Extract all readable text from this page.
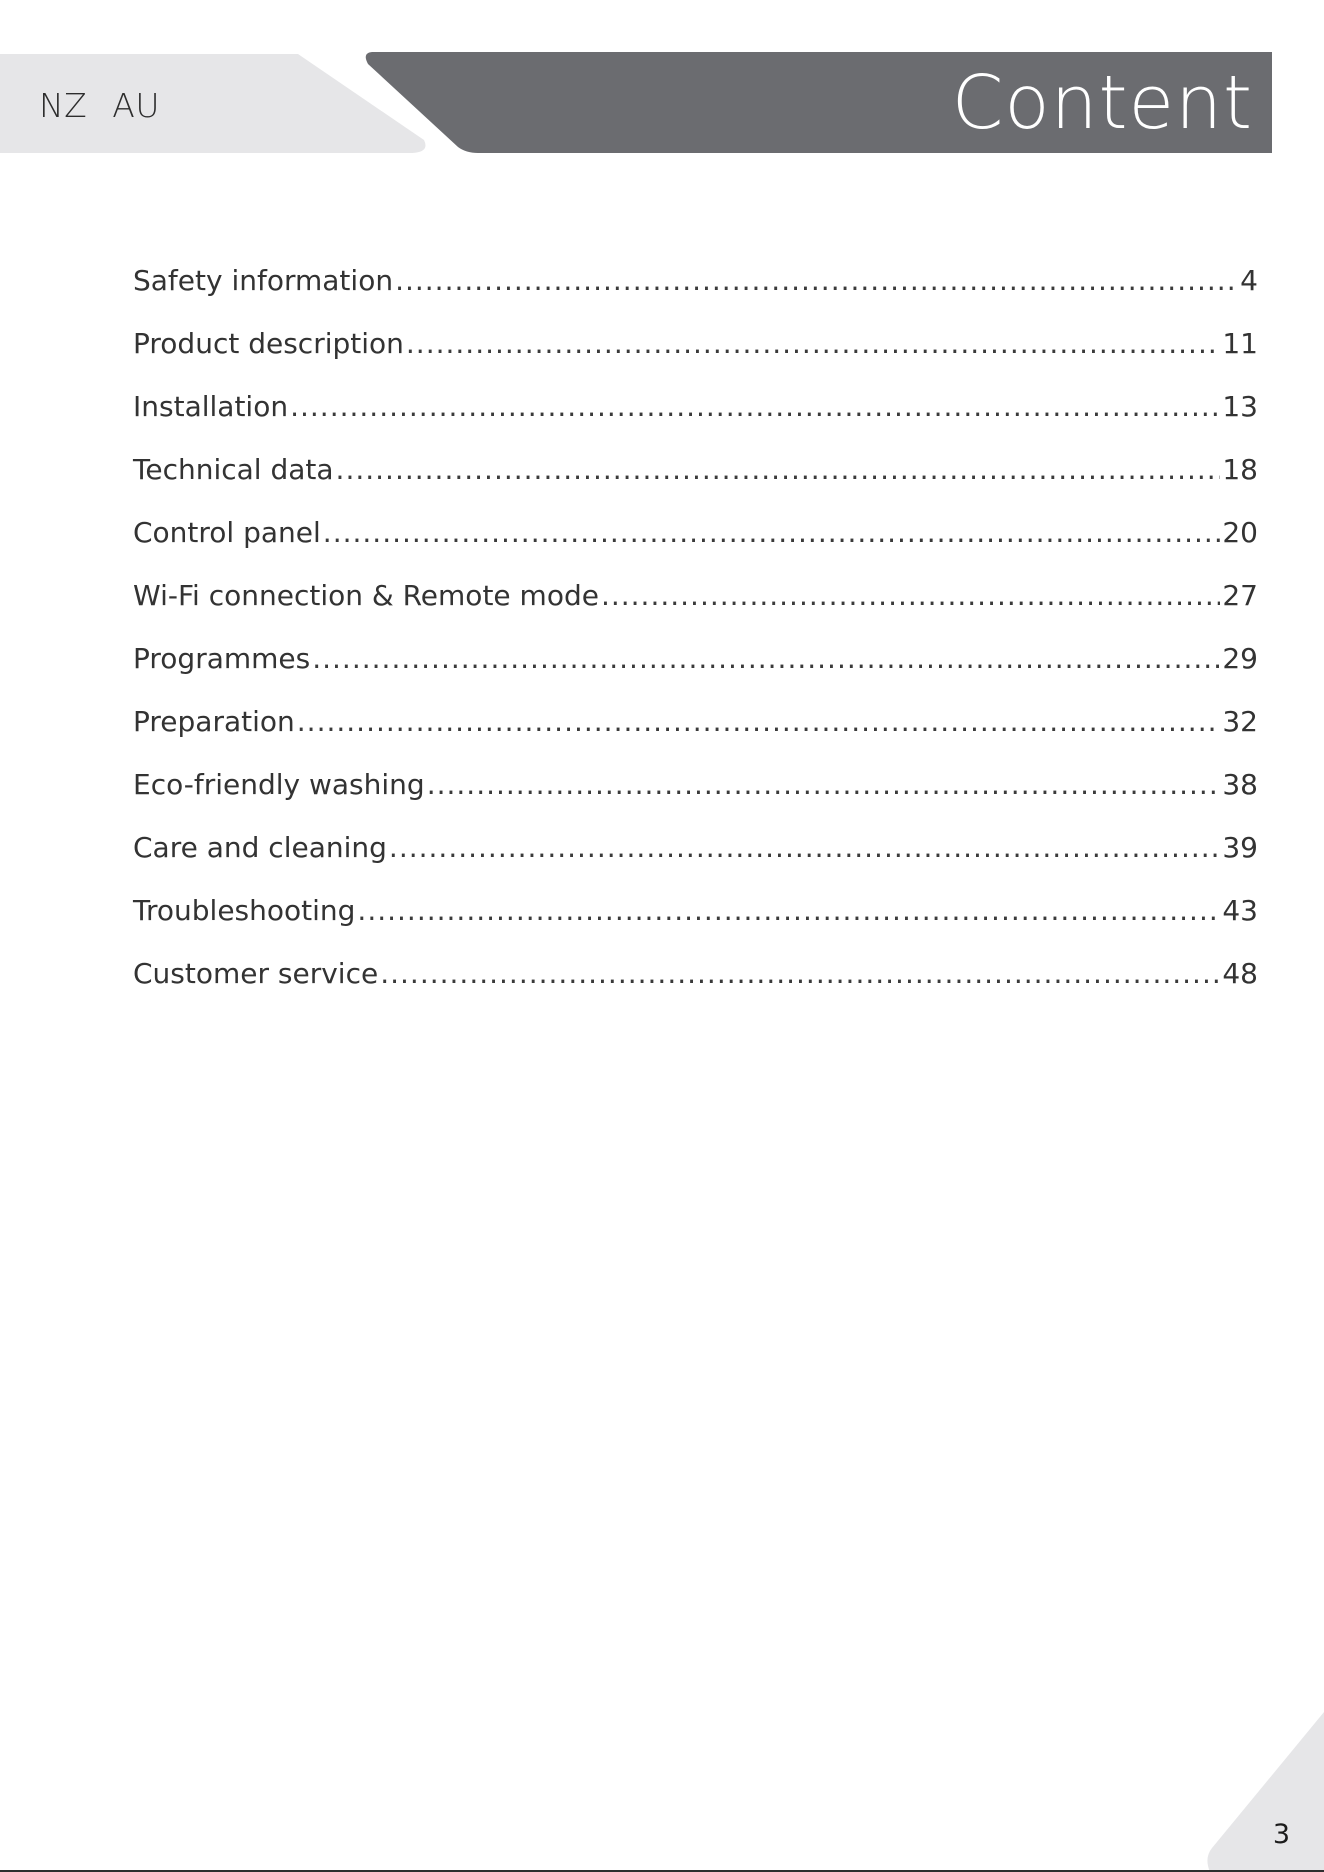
NZ AU	Content
Safety information .....	4
Product description .....	11
Installation .....	13
Technical data .....	18
Control panel .....	20
Wi-Fi connection & Remote mode .....	27
Programmes .....	29
Preparation .....	32
Eco-friendly washing .....	38
Care and cleaning .....	39
Troubleshooting .....	43
Customer service .....	48
3
